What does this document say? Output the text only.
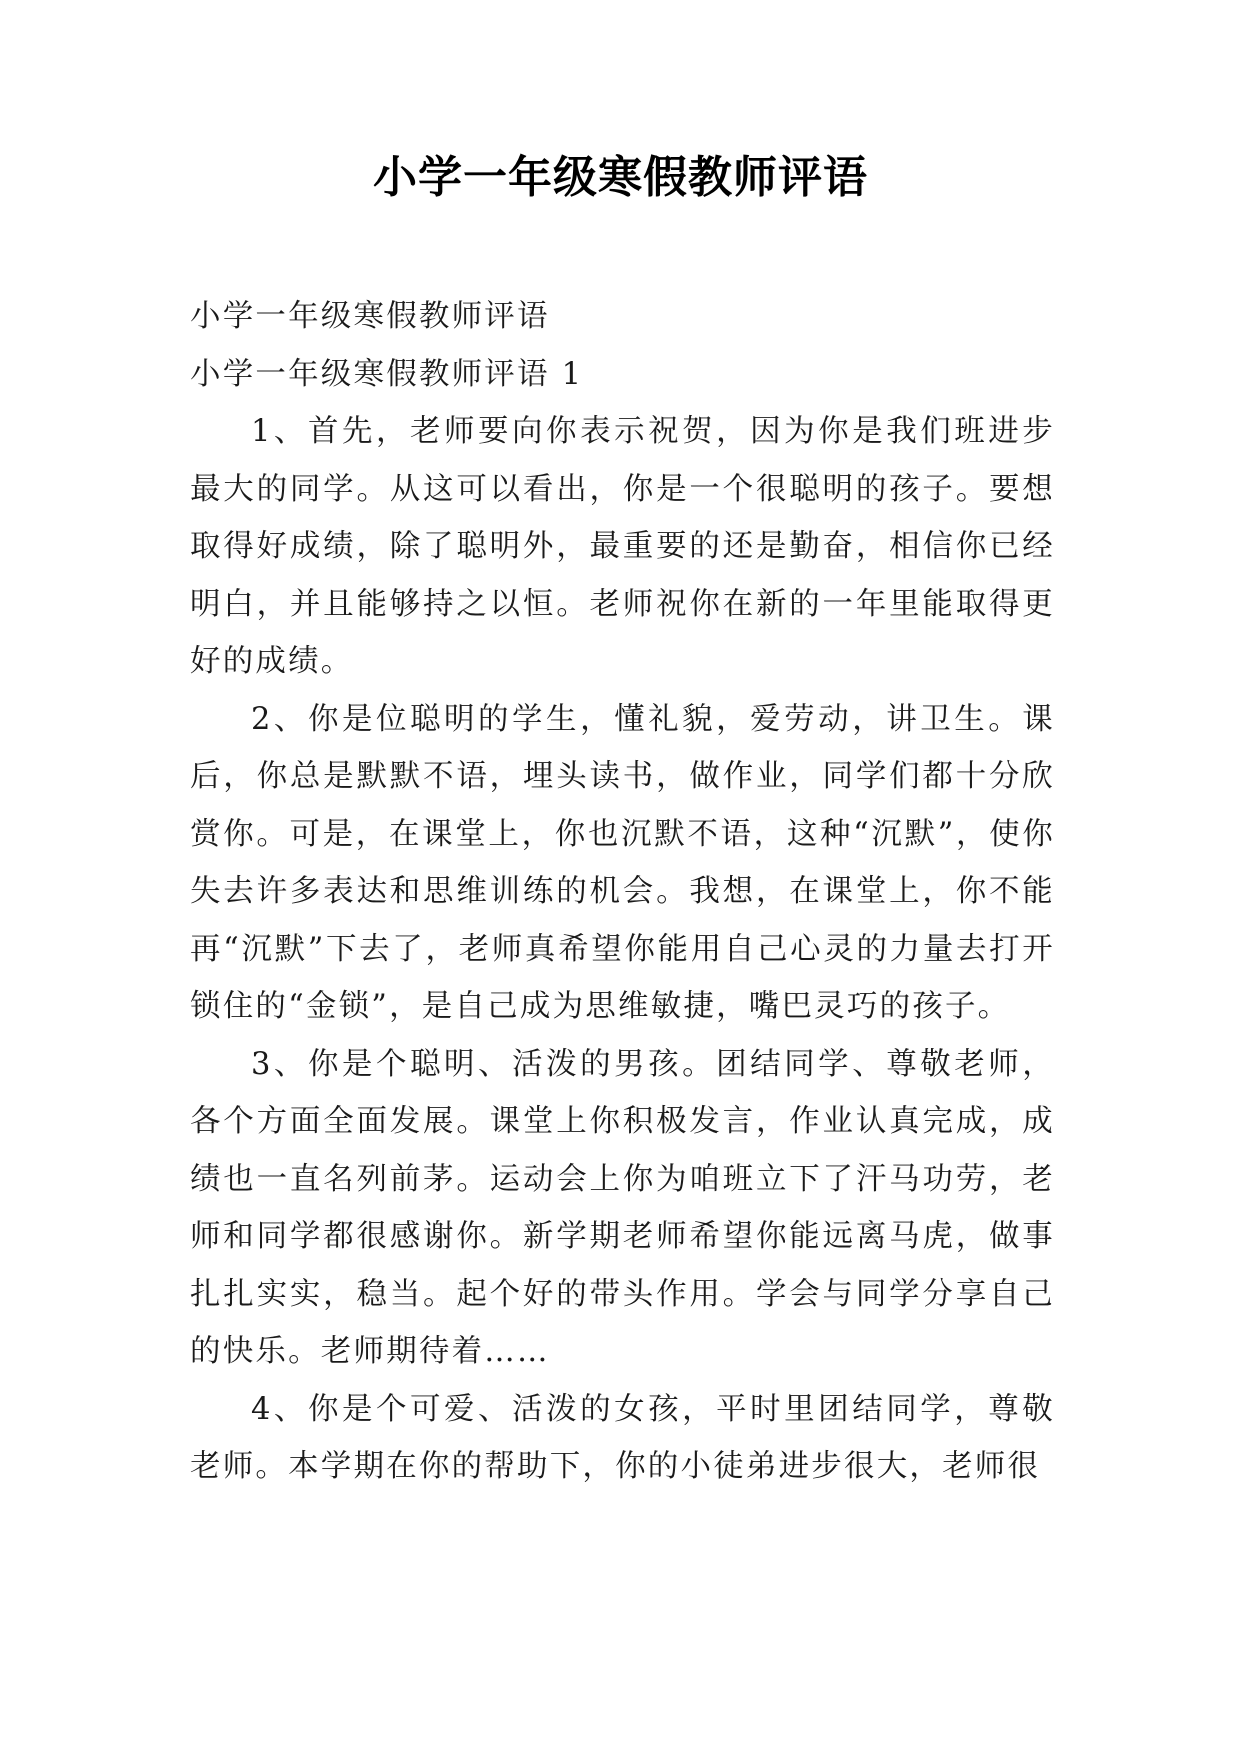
小学一年级寒假教师评语

小学一年级寒假教师评语

小学一年级寒假教师评语 1

1、首先，老师要向你表示祝贺，因为你是我们班进步最大的同学。从这可以看出，你是一个很聪明的孩子。要想取得好成绩，除了聪明外，最重要的还是勤奋，相信你已经明白，并且能够持之以恒。老师祝你在新的一年里能取得更好的成绩。

2、你是位聪明的学生，懂礼貌，爱劳动，讲卫生。课后，你总是默默不语，埋头读书，做作业，同学们都十分欣赏你。可是，在课堂上，你也沉默不语，这种“沉默”，使你失去许多表达和思维训练的机会。我想，在课堂上，你不能再“沉默”下去了，老师真希望你能用自己心灵的力量去打开锁住的“金锁”，是自己成为思维敏捷，嘴巴灵巧的孩子。

3、你是个聪明、活泼的男孩。团结同学、尊敬老师，各个方面全面发展。课堂上你积极发言，作业认真完成，成绩也一直名列前茅。运动会上你为咱班立下了汗马功劳，老师和同学都很感谢你。新学期老师希望你能远离马虎，做事扎扎实实，稳当。起个好的带头作用。学会与同学分享自己的快乐。老师期待着……

4、你是个可爱、活泼的女孩，平时里团结同学，尊敬老师。本学期在你的帮助下，你的小徒弟进步很大，老师很
